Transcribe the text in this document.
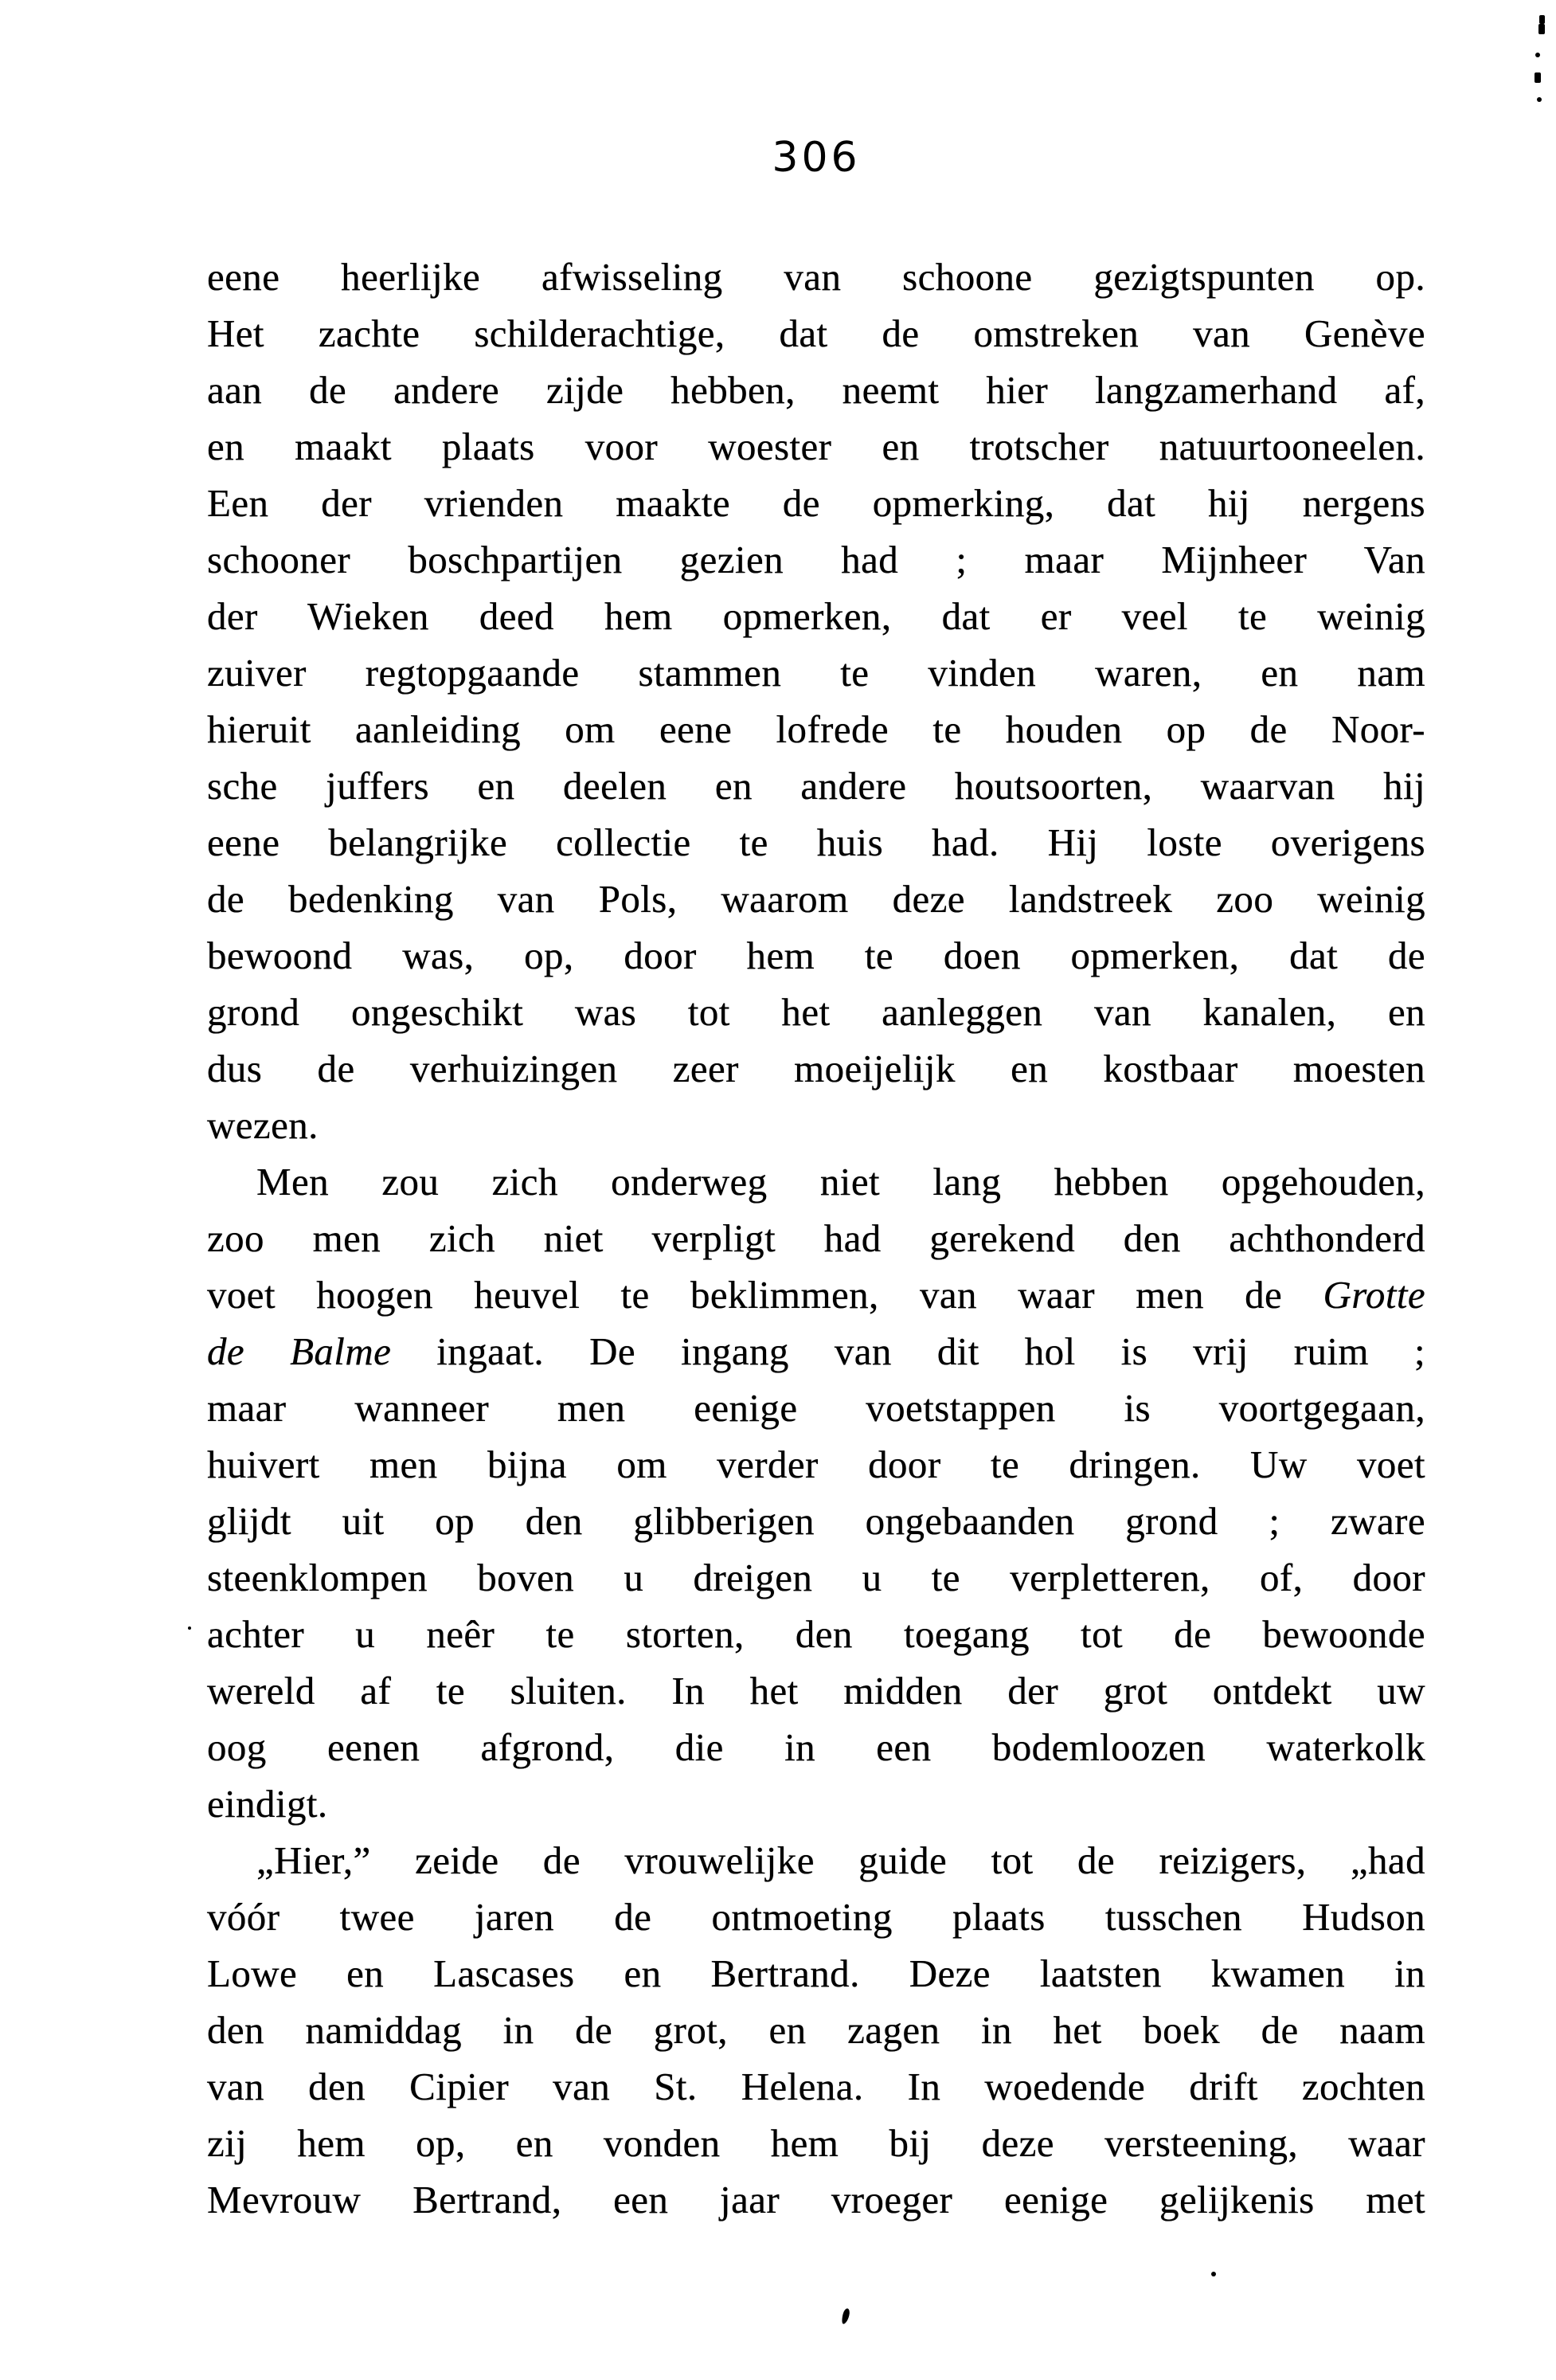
306
eene heerlijke afwisseling van schoone gezigtspunten op.
Het zachte schilderachtige, dat de omstreken van Genève
aan de andere zijde hebben, neemt hier langzamerhand af,
en maakt plaats voor woester en trotscher natuurtooneelen.
Een der vrienden maakte de opmerking, dat hij nergens
schooner boschpartijen gezien had ; maar Mijnheer Van
der Wieken deed hem opmerken, dat er veel te weinig
zuiver regtopgaande stammen te vinden waren, en nam
hieruit aanleiding om eene lofrede te houden op de Noor-
sche juffers en deelen en andere houtsoorten, waarvan hij
eene belangrijke collectie te huis had. Hij loste overigens
de bedenking van Pols, waarom deze landstreek zoo weinig
bewoond was, op, door hem te doen opmerken, dat de
grond ongeschikt was tot het aanleggen van kanalen, en
dus de verhuizingen zeer moeijelijk en kostbaar moesten
wezen.
Men zou zich onderweg niet lang hebben opgehouden,
zoo men zich niet verpligt had gerekend den achthonderd
voet hoogen heuvel te beklimmen, van waar men de Grotte
de Balme ingaat. De ingang van dit hol is vrij ruim ;
maar wanneer men eenige voetstappen is voortgegaan,
huivert men bijna om verder door te dringen. Uw voet
glijdt uit op den glibberigen ongebaanden grond ; zware
steenklompen boven u dreigen u te verpletteren, of, door
achter u neêr te storten, den toegang tot de bewoonde
wereld af te sluiten. In het midden der grot ontdekt uw
oog eenen afgrond, die in een bodemloozen waterkolk
eindigt.
„Hier,” zeide de vrouwelijke guide tot de reizigers, „had
vóór twee jaren de ontmoeting plaats tusschen Hudson
Lowe en Lascases en Bertrand. Deze laatsten kwamen in
den namiddag in de grot, en zagen in het boek de naam
van den Cipier van St. Helena. In woedende drift zochten
zij hem op, en vonden hem bij deze versteening, waar
Mevrouw Bertrand, een jaar vroeger eenige gelijkenis met
